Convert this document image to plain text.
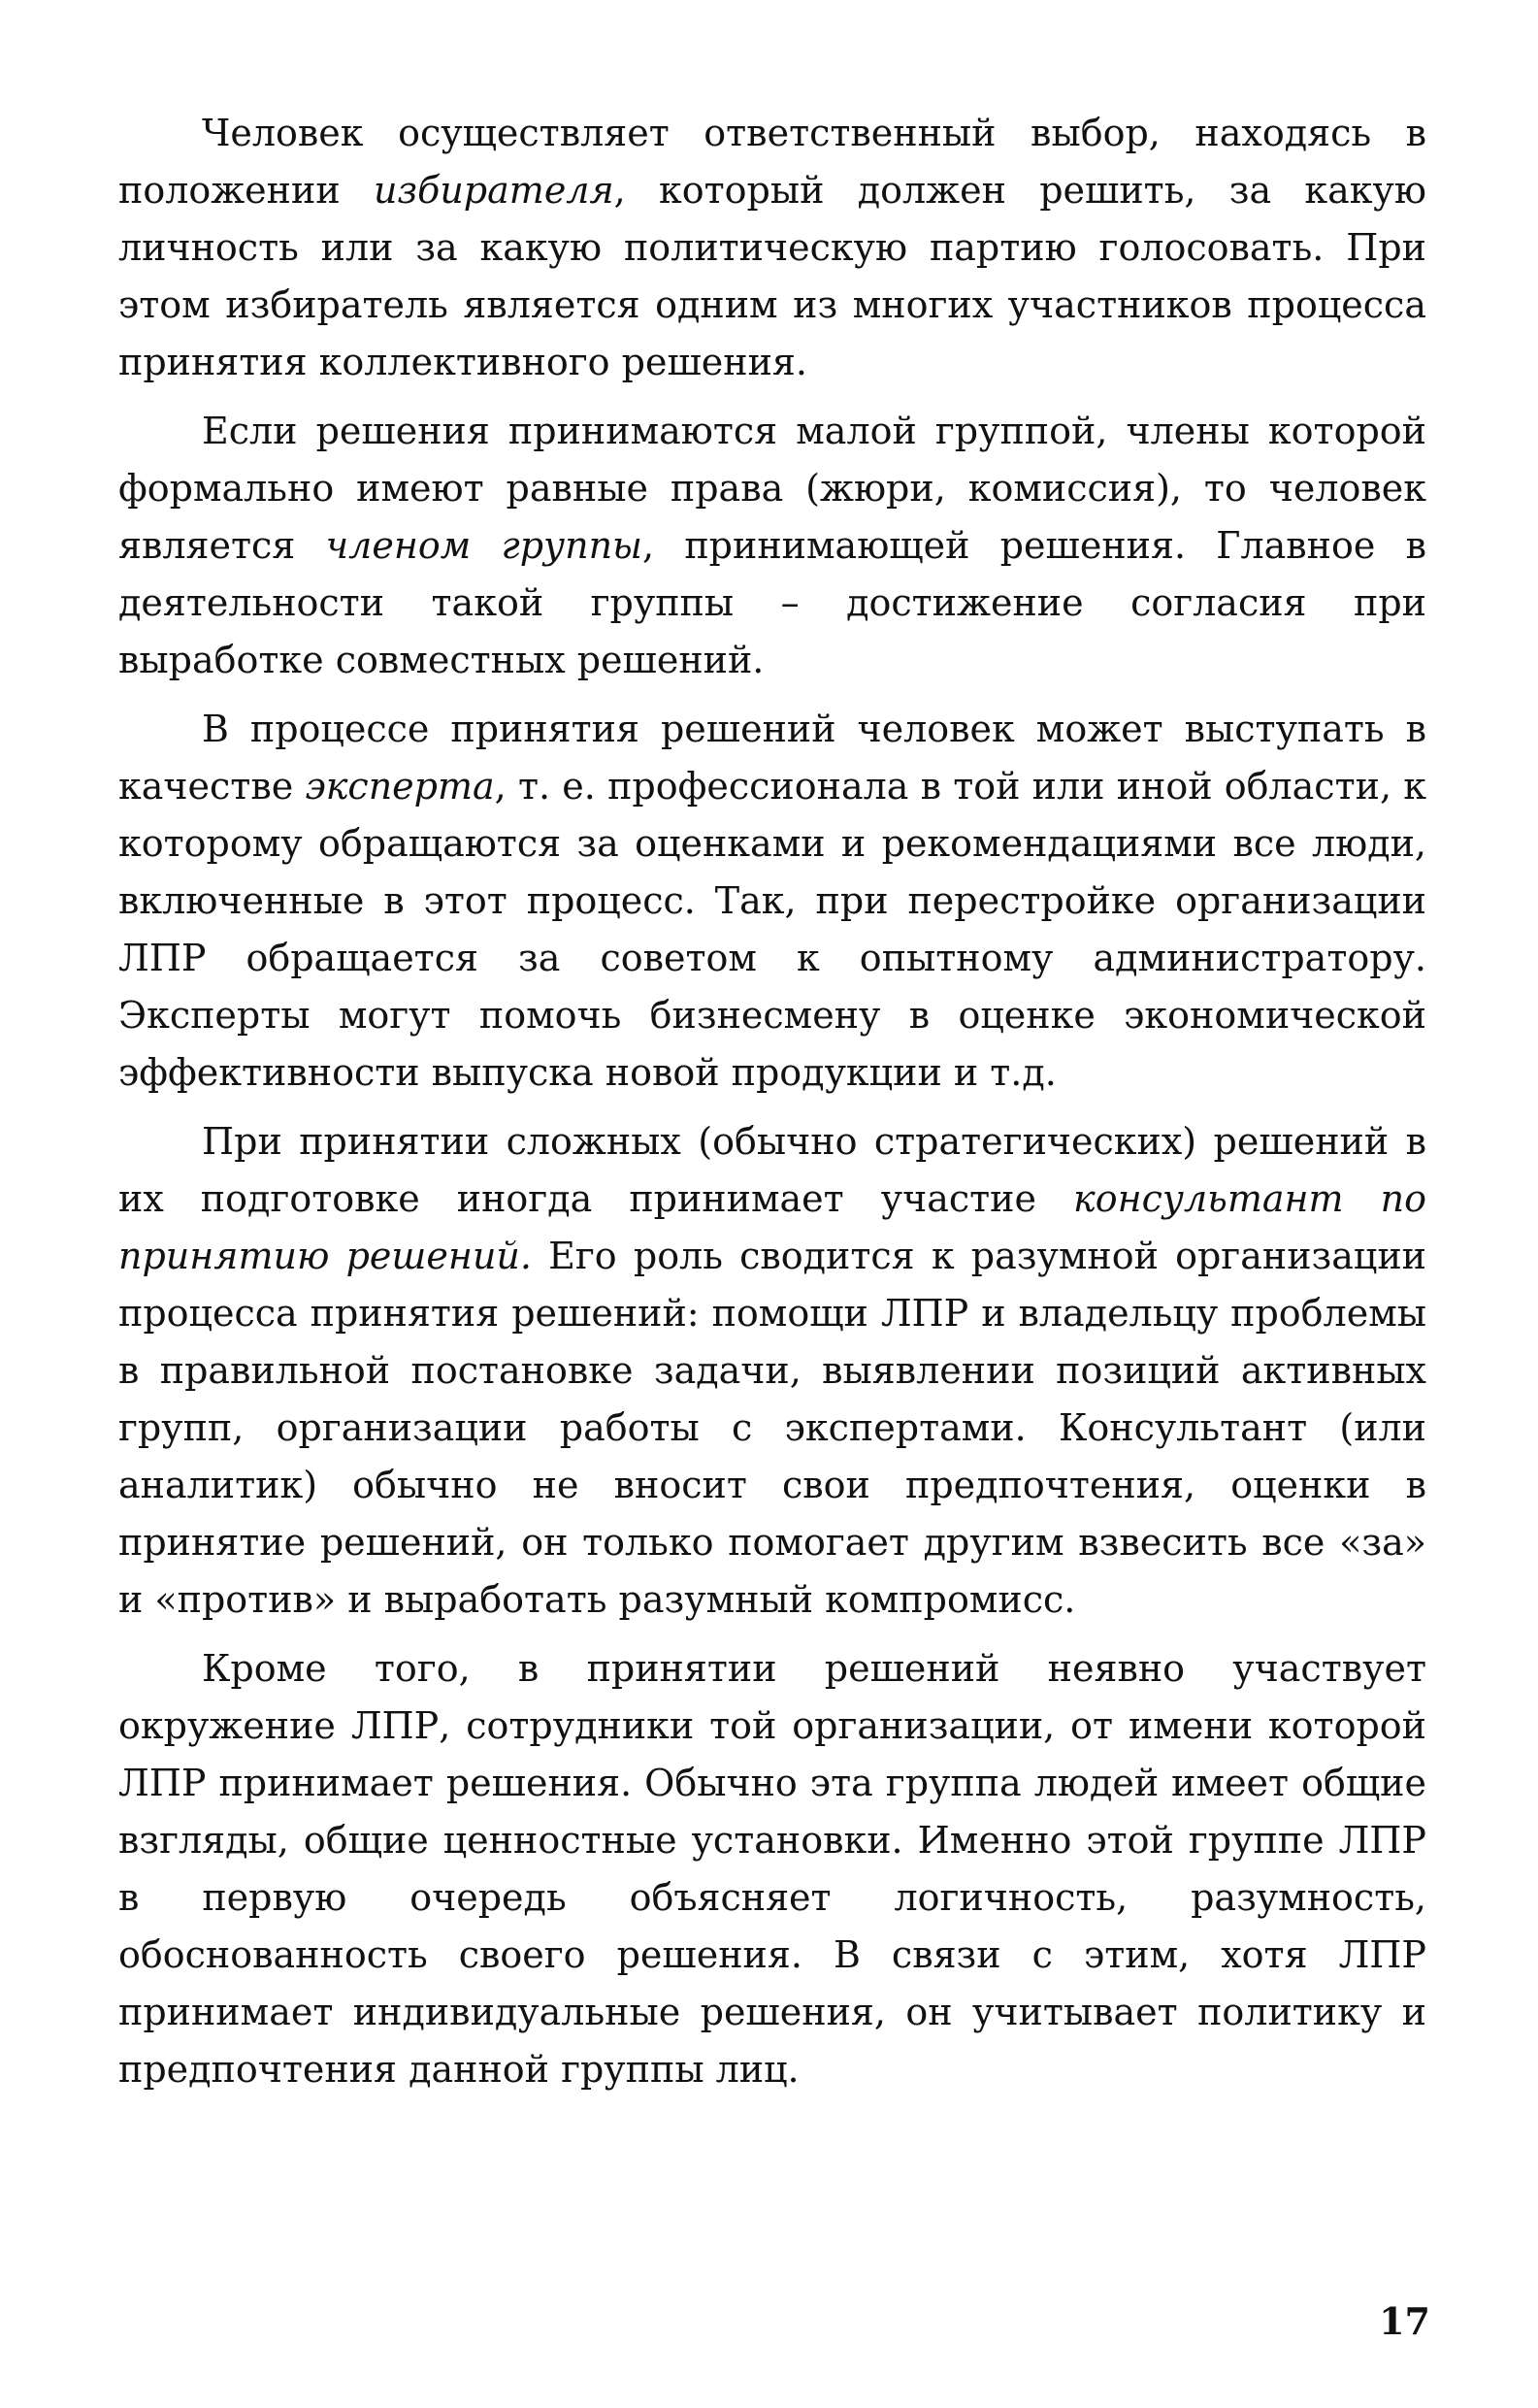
Человек осуществляет ответственный выбор, находясь в положении избирателя, который должен решить, за какую личность или за какую политическую партию голосовать. При этом избиратель является одним из многих участников процесса принятия коллективного решения.

Если решения принимаются малой группой, члены которой формально имеют равные права (жюри, комиссия), то человек является членом группы, принимающей решения. Главное в деятельности такой группы – достижение согласия при выработке совместных решений.

В процессе принятия решений человек может выступать в качестве эксперта, т. е. профессионала в той или иной области, к которому обращаются за оценками и рекомендациями все люди, включенные в этот процесс. Так, при перестройке организации ЛПР обращается за советом к опытному администратору. Эксперты могут помочь бизнесмену в оценке экономической эффективности выпуска новой продукции и т.д.

При принятии сложных (обычно стратегических) решений в их подготовке иногда принимает участие консультант по принятию решений. Его роль сводится к разумной организации процесса принятия решений: помощи ЛПР и владельцу проблемы в правильной постановке задачи, выявлении позиций активных групп, организации работы с экспертами. Консультант (или аналитик) обычно не вносит свои предпочтения, оценки в принятие решений, он только помогает другим взвесить все «за» и «против» и выработать разумный компромисс.

Кроме того, в принятии решений неявно участвует окружение ЛПР, сотрудники той организации, от имени которой ЛПР принимает решения. Обычно эта группа людей имеет общие взгляды, общие ценностные установки. Именно этой группе ЛПР в первую очередь объясняет логичность, разумность, обоснованность своего решения. В связи с этим, хотя ЛПР принимает индивидуальные решения, он учитывает политику и предпочтения данной группы лиц.

17
